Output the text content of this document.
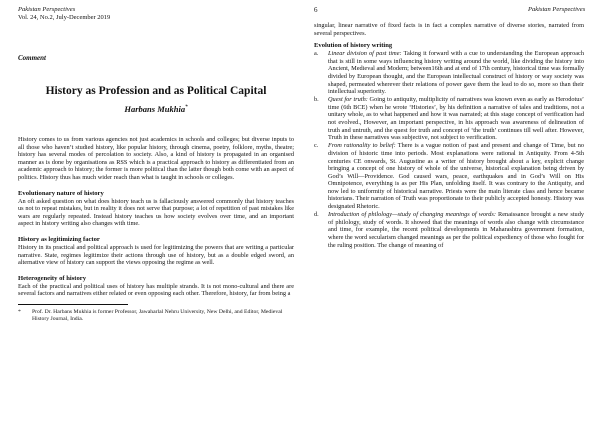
Pakistan Perspectives
Vol. 24, No.2, July-December 2019
6	Pakistan Perspectives
Comment
History as Profession and as Political Capital
Harbans Mukhia*

History comes to us from various agencies not just academics in schools and colleges; but diverse inputs to all those who haven’t studied history, like popular history, through cinema, poetry, folklore, myths, theatre; history has several modes of percolation to society. Also, a kind of history is propagated in an organised manner as is done by organisations as RSS which is a practical approach to history as differentiated from an academic approach to history; the former is more political than the latter though both come with an aspect of politics. History thus has much wider reach than what is taught in schools or colleges.

Evolutionary nature of history

An oft asked question on what does history teach us is fallaciously answered commonly that history teaches us not to repeat mistakes, but in reality it does not serve that purpose; a lot of repetition of past mistakes like wars are regularly repeated. Instead history teaches us how society evolves over time, and an important aspect in history writing also changes with time.

History as legitimizing factor

History in its practical and political approach is used for legitimizing the powers that are writing a particular narrative. State, regimes legitimize their actions through use of history, but as a double edged sword, an alternative view of history can support the views opposing the regime as well.

Heterogeneity of history

Each of the practical and political uses of history has multiple strands. It is not mono-cultural and there are several factors and narratives either related or even opposing each other. Therefore, history, far from being a

*	Prof. Dr. Harbans Mukhia is former Professor, Jawaharlal Nehru University, New Delhi, and Editor, Medieval History Journal, India.

singular, linear narrative of fixed facts is in fact a complex narrative of diverse stories, narrated from several perspectives.

Evolution of history writing
a.	Linear division of past time: Taking it forward with a cue to understanding the European approach that is still in some ways influencing history writing around the world, like dividing the history into Ancient, Medieval and Modern; between16th and at end of 17th century, historical time was formally divided by European thought, and the European intellectual construct of history or way society was shaped, permeated wherever their relations of power gave them the lead to do so, more so than their intellectual superiority.
b.	Quest for truth: Going to antiquity, multiplicity of narratives was known even as early as Herodotus’ time (6th BCE) when he wrote ‘Histories’, by his definition a narrative of tales and traditions, not a unitary whole, as to what happened and how it was narrated; at this stage concept of verification had not evolved., However, an important perspective, in his approach was awareness of delineation of truth and untruth, and the quest for truth and concept of ‘the truth’ continues till well after. However, Truth in these narratives was subjective, not subject to verification.
c.	From rationality to belief: There is a vague notion of past and present and change of Time, but no division of historic time into periods. Most explanations were rational in Antiquity. From 4-5th centuries CE onwards, St. Augustine as a writer of history brought about a key, explicit change bringing a concept of one history of whole of the universe, historical explanation being driven by God’s Will—Providence. God caused wars, peace, earthquakes and in God’s Will on His Omnipotence, everything is as per His Plan, unfolding itself. It was contrary to the Antiquity, and now led to uniformity of historical narrative. Priests were the main literate class and hence became historians. Their narration of Truth was proportionate to their publicly accepted honesty. History was designated Rhetoric.
d.	Introduction of philology—study of changing meanings of words: Renaissance brought a new study of philology, study of words. It showed that the meanings of words also change with circumstance and time, for example, the recent political developments in Maharashtra government formation, where the word secularism changed meanings as per the political expediency of those who fought for the ruling position. The change of meaning of
